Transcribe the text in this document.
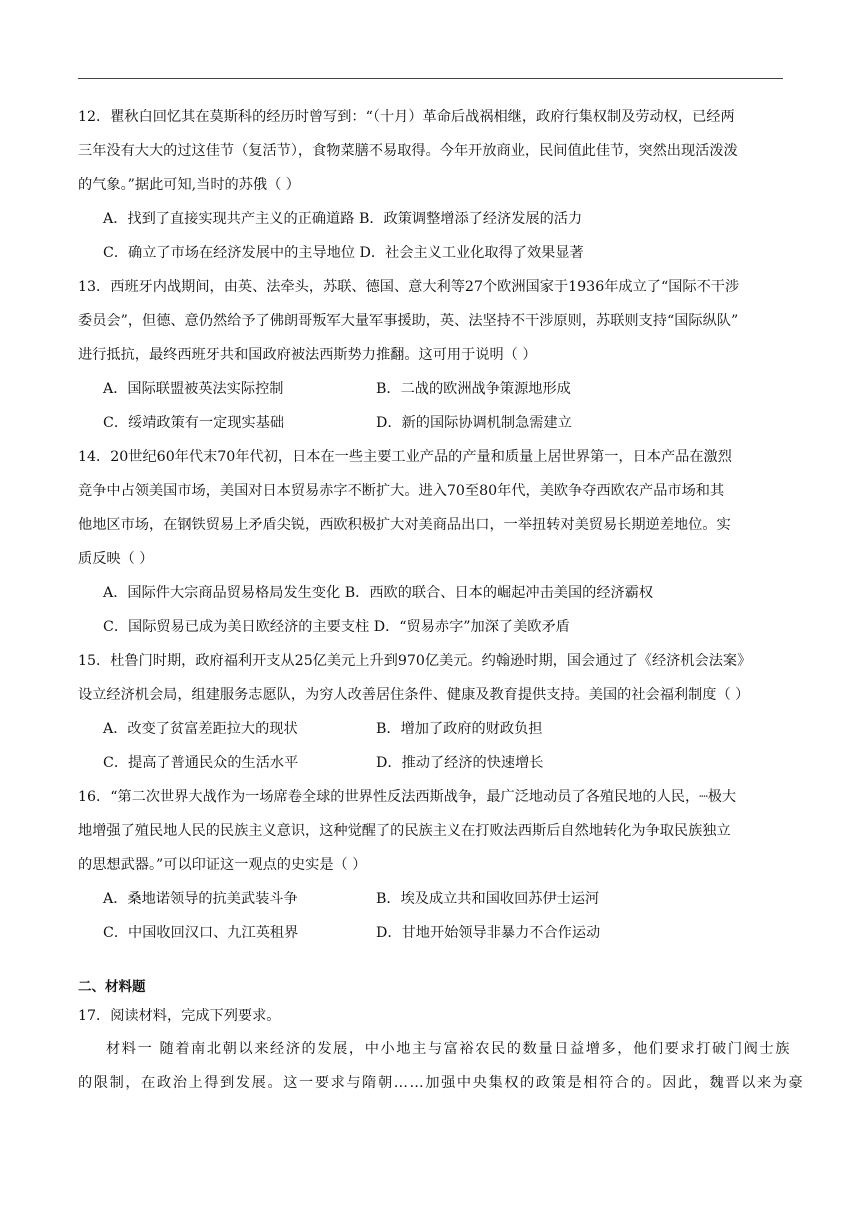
12．瞿秋白回忆其在莫斯科的经历时曾写到：“（十月）革命后战祸相继，政府行集权制及劳动权，已经两
三年没有大大的过这佳节（复活节），食物菜膳不易取得。今年开放商业，民间值此佳节，突然出现活泼泼
的气象。”据此可知,当时的苏俄（ ）
A．找到了直接实现共产主义的正确道路 B．政策调整增添了经济发展的活力
C．确立了市场在经济发展中的主导地位 D．社会主义工业化取得了效果显著
13．西班牙内战期间，由英、法牵头，苏联、德国、意大利等27个欧洲国家于1936年成立了“国际不干涉
委员会”，但德、意仍然给予了佛朗哥叛军大量军事援助，英、法坚持不干涉原则，苏联则支持“国际纵队”
进行抵抗，最终西班牙共和国政府被法西斯势力推翻。这可用于说明（ ）
A．国际联盟被英法实际控制	B．二战的欧洲战争策源地形成
C．绥靖政策有一定现实基础	D．新的国际协调机制急需建立
14．20世纪60年代末70年代初，日本在一些主要工业产品的产量和质量上居世界第一，日本产品在激烈
竞争中占领美国市场，美国对日本贸易赤字不断扩大。进入70至80年代，美欧争夺西欧农产品市场和其
他地区市场，在钢铁贸易上矛盾尖锐，西欧积极扩大对美商品出口，一举扭转对美贸易长期逆差地位。实
质反映（ ）
A．国际件大宗商品贸易格局发生变化 B．西欧的联合、日本的崛起冲击美国的经济霸权
C．国际贸易已成为美日欧经济的主要支柱 D．“贸易赤字”加深了美欧矛盾
15．杜鲁门时期，政府福利开支从25亿美元上升到970亿美元。约翰逊时期，国会通过了《经济机会法案》
设立经济机会局，组建服务志愿队，为穷人改善居住条件、健康及教育提供支持。美国的社会福利制度（ ）
A．改变了贫富差距拉大的现状	B．增加了政府的财政负担
C．提高了普通民众的生活水平	D．推动了经济的快速增长
16．“第二次世界大战作为一场席卷全球的世界性反法西斯战争，最广泛地动员了各殖民地的人民，┈极大
地增强了殖民地人民的民族主义意识，这种觉醒了的民族主义在打败法西斯后自然地转化为争取民族独立
的思想武器。”可以印证这一观点的史实是（ ）
A．桑地诺领导的抗美武装斗争	B．埃及成立共和国收回苏伊士运河
C．中国收回汉口、九江英租界	D．甘地开始领导非暴力不合作运动
二、材料题
17．阅读材料，完成下列要求。
材料一 随着南北朝以来经济的发展，中小地主与富裕农民的数量日益增多，他们要求打破门阀士族
的限制，在政治上得到发展。这一要求与隋朝……加强中央集权的政策是相符合的。因此，魏晋以来为豪
